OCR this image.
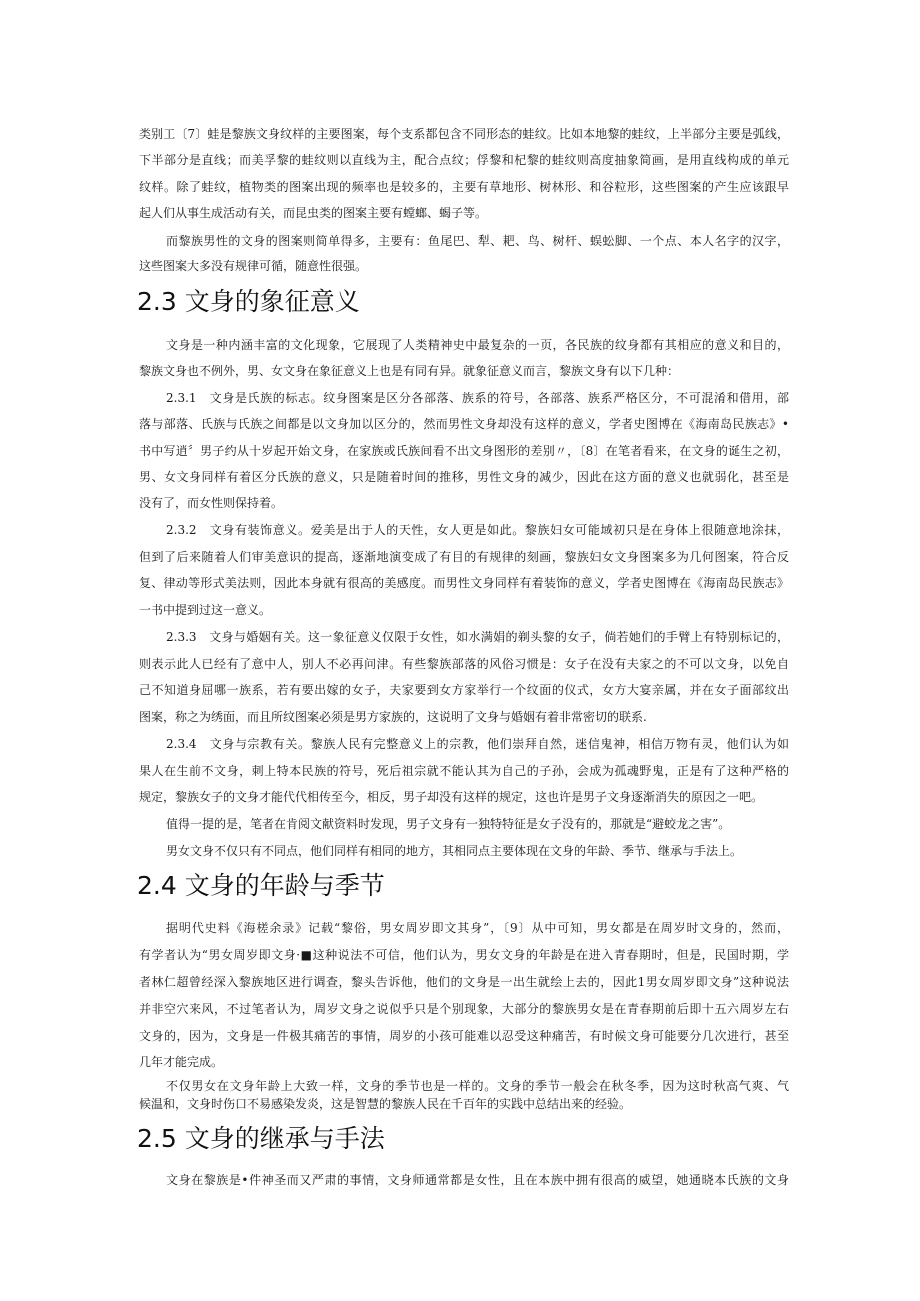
类别工〔7〕蛙是黎族文身纹样的主要图案，每个支系都包含不同形态的蛙纹。比如本地黎的蛙纹，上半部分主要是弧线，
下半部分是直线；而美孚黎的蛙纹则以直线为主，配合点纹；俘黎和杞黎的蛙纹则高度抽象简画，是用直线构成的单元
纹样。除了蛙纹，植物类的图案出现的频率也是较多的，主要有草地形、树林形、和谷粒形，这些图案的产生应该跟早
起人们从事生成活动有关，而昆虫类的图案主要有螳螂、蝎子等。
而黎族男性的文身的图案则简单得多，主要有：鱼尾巴、犁、耙、鸟、树杆、蜈蚣脚、一个点、本人名字的汉字，
这些图案大多没有规律可循，随意性很强。
2.3 文身的象征意义
文身是一种内涵丰富的文化现象，它展现了人类精神史中最复杂的一页，各民族的纹身都有其相应的意义和目的，
黎族文身也不例外，男、女文身在象征意义上也是有同有异。就象征意义而言，黎族文身有以下几种：
2.3.1　文身是氏族的标志。纹身图案是区分各部落、族系的符号，各部落、族系严格区分，不可混淆和借用，部
落与部落、氏族与氏族之间都是以文身加以区分的，然而男性文身却没有这样的意义，学者史图博在《海南岛民族志》•
书中写逍〞男子约从十岁起开始文身，在家族或氏族间看不出文身图形的差别〃，〔8〕在笔者看来，在文身的诞生之初，
男、女文身同样有着区分氏族的意义，只是随着时间的推移，男性文身的减少，因此在这方面的意义也就弱化，甚至是
没有了，而女性则保持着。
2.3.2　文身有装饰意义。爱美是出于人的天性，女人更是如此。黎族妇女可能域初只是在身体上很随意地涂抹，
但到了后来随着人们审美意识的提高，逐渐地演变成了有目的有规律的刻画，黎族妇女文身图案多为几何图案，符合反
复、律动等形式美法则，因此本身就有很高的美感度。而男性文身同样有着装饰的意义，学者史图博在《海南岛民族志》
一书中提到过这一意义。
2.3.3　文身与婚姻有关。这一象征意义仅限于女性，如水满娟的剃头黎的女子，倘若她们的手臂上有特别标记的，
则表示此人已经有了意中人，别人不必再问津。有些黎族部落的风俗习惯是：女子在没有夫家之的不可以文身，以免自
己不知道身屈哪一族系，若有要出嫁的女子，夫家要到女方家举行一个纹面的仪式，女方大宴亲属，并在女子面部纹出
图案，称之为绣面，而且所纹图案必须是男方家族的，这说明了文身与婚姻有着非常密切的联系.
2.3.4　文身与宗教有关。黎族人民有完整意义上的宗教，他们崇拜自然，迷信鬼神，相信万物有灵，他们认为如
果人在生前不文身，刺上特本民族的符号，死后祖宗就不能认其为自己的子孙，会成为孤魂野鬼，正是有了这种严格的
规定，黎族女子的文身才能代代相传至今，相反，男子却没有这样的规定，这也许是男子文身逐渐消失的原因之一吧。
值得一提的是，笔者在肯阅文献资料时发现，男子文身有一独特特征是女子没有的，那就是“避蛟龙之害”。
男女文身不仅只有不同点，他们同样有相同的地方，其相同点主要体现在文身的年龄、季节、继承与手法上。
2.4 文身的年龄与季节
据明代史料《海槎余录》记载“黎俗，男女周岁即文其身”，〔9〕从中可知，男女都是在周岁时文身的，然而，
有学者认为“男女周岁即文身·■这种说法不可信，他们认为，男女文身的年龄是在进入青春期时，但是，民国时期，学
者林仁超曾经深入黎族地区进行调查，黎头告诉他，他们的文身是一出生就绘上去的，因此1男女周岁即文身”这种说法
并非空穴来风，不过笔者认为，周岁文身之说似乎只是个别现象，大部分的黎族男女是在青春期前后即十五六周岁左右
文身的，因为，文身是一件极其痛苦的事情，周岁的小孩可能难以忍受这种痛苦，有时候文身可能要分几次进行，甚至
几年才能完成。
不仅男女在文身年龄上大致一样，文身的季节也是一样的。文身的季节一般会在秋冬季，因为这时秋高气爽、气
候温和，文身时伤口不易感染发炎，这是智慧的黎族人民在千百年的实践中总结出来的经验。
2.5 文身的继承与手法
文身在黎族是•件神圣而又严肃的事情，文身师通常都是女性，且在本族中拥有很高的威望，她通晓本氏族的文身
